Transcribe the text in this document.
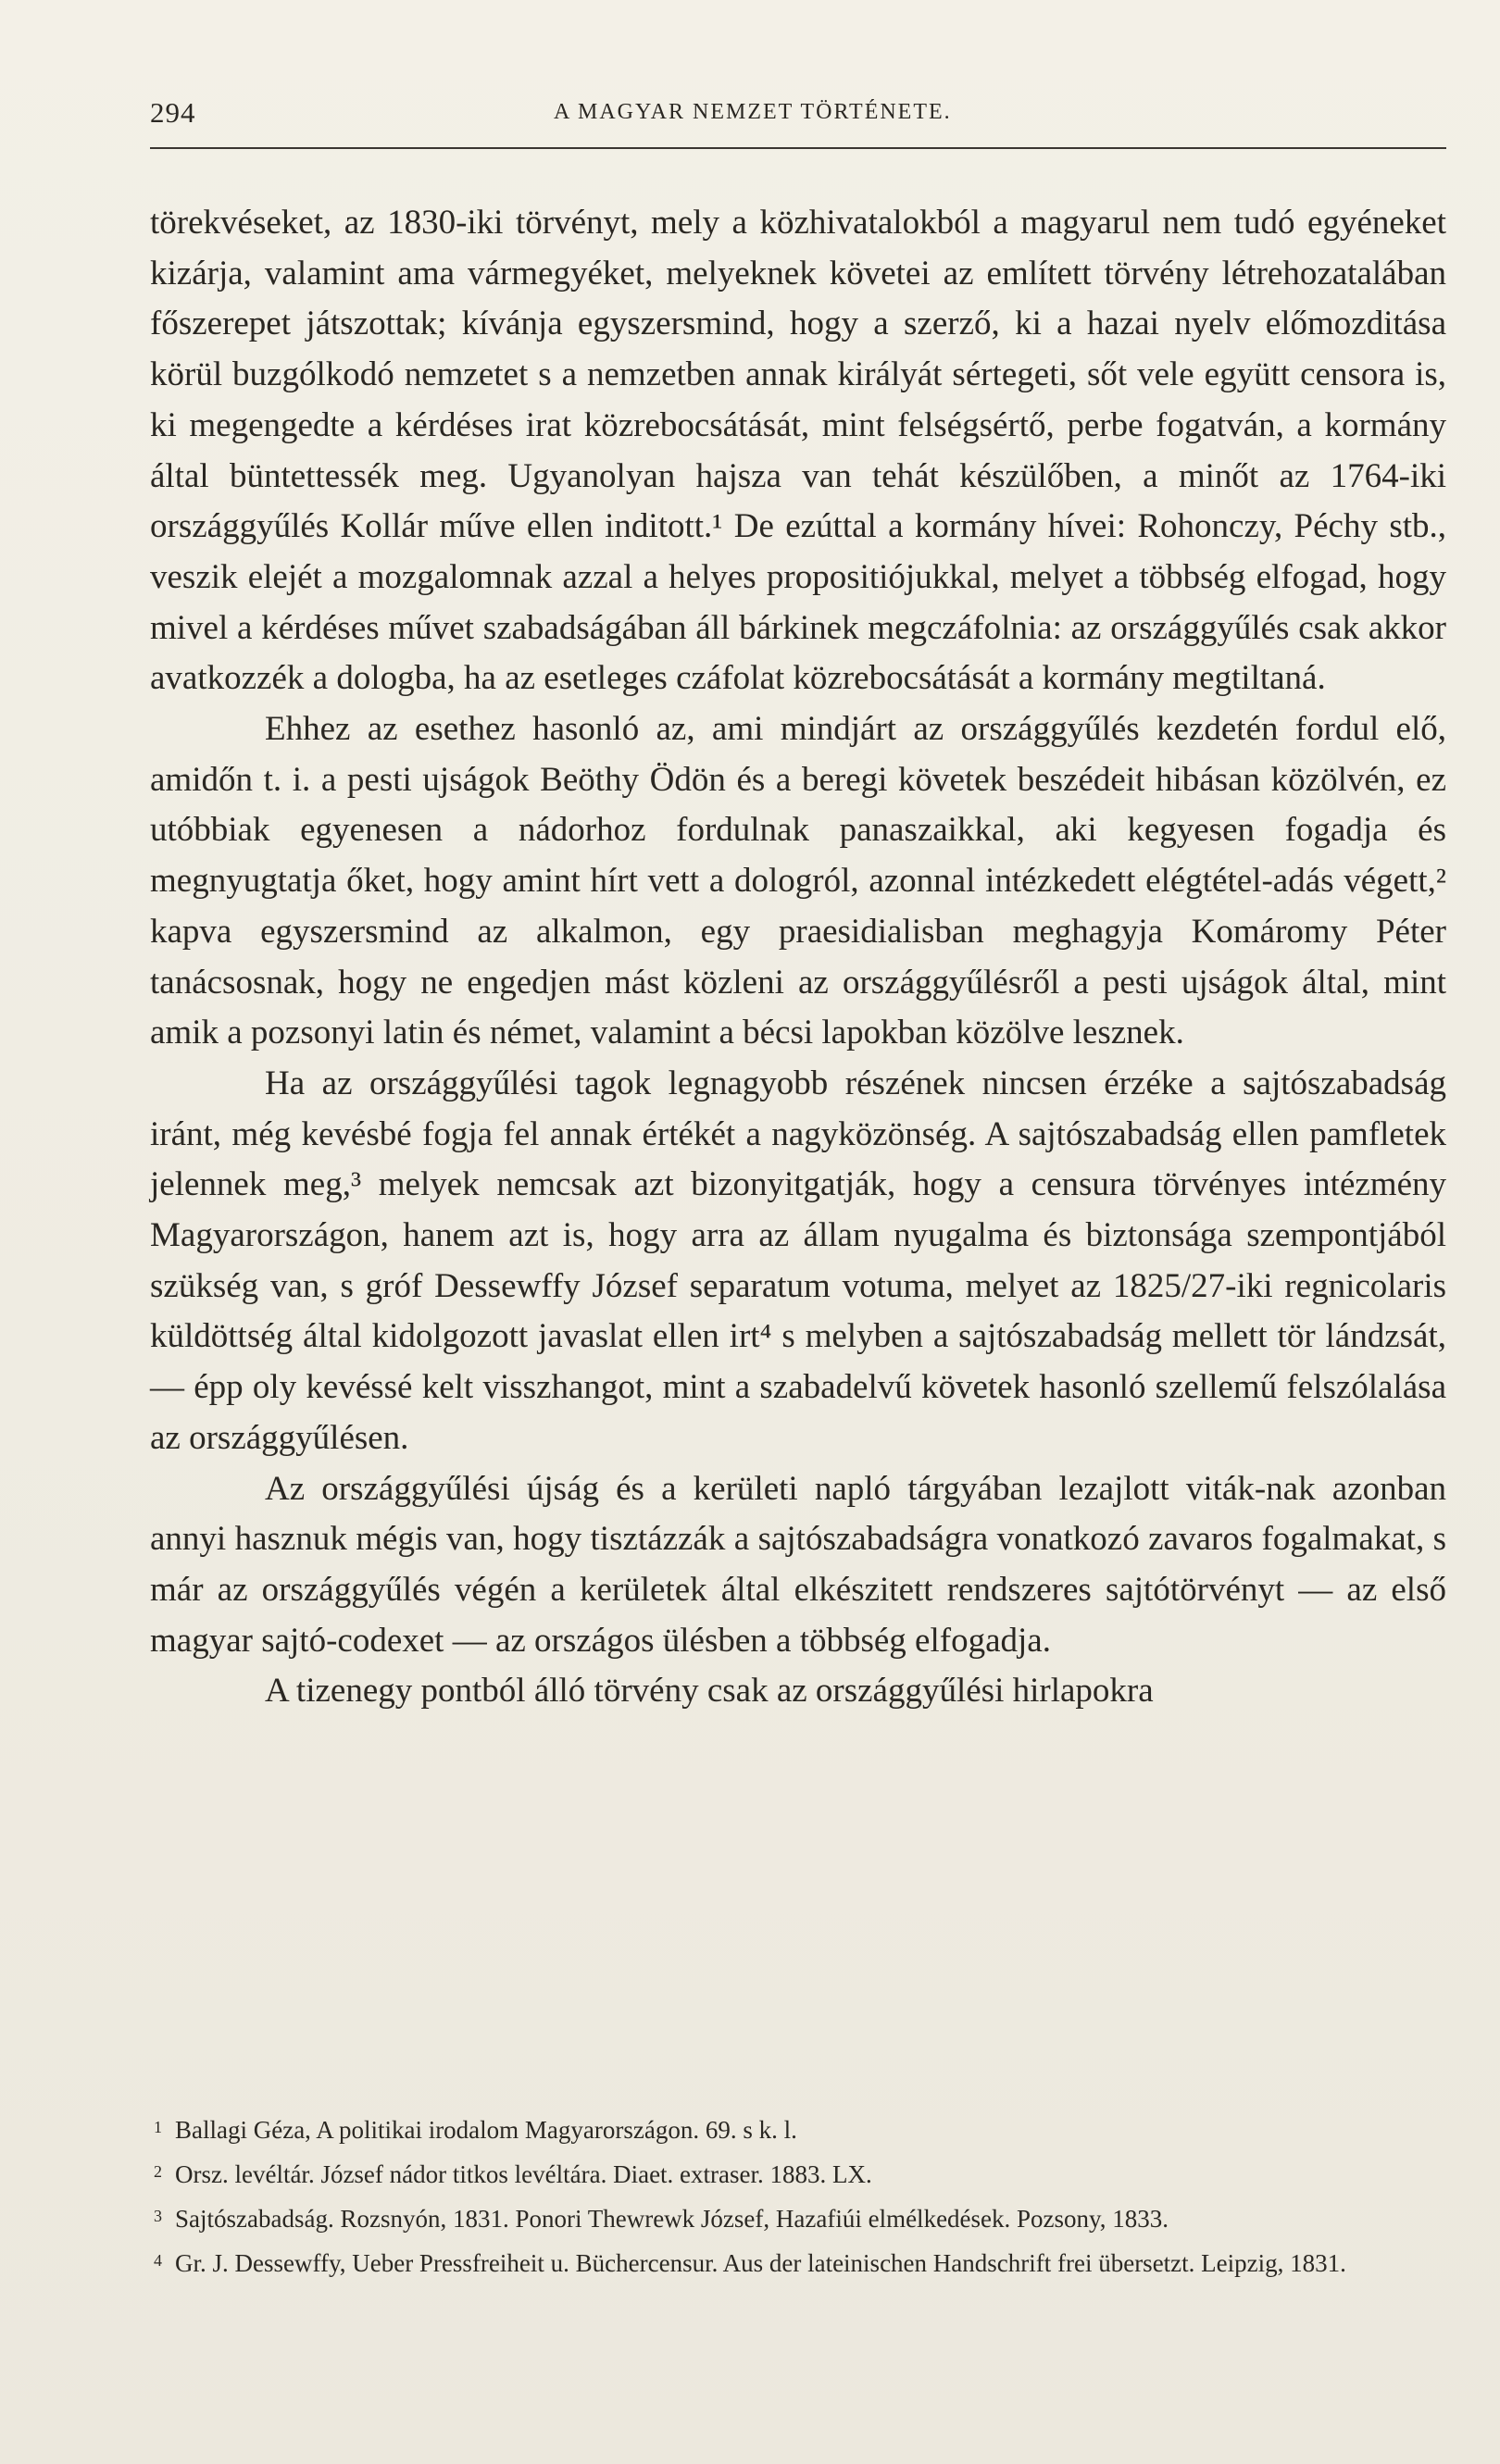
294	A MAGYAR NEMZET TÖRTÉNETE.

törekvéseket, az 1830-iki törvényt, mely a közhivatalokból a magyarul nem tudó egyéneket kizárja, valamint ama vármegyéket, melyeknek követei az említett törvény létrehozatalában főszerepet játszottak; kívánja egyszersmind, hogy a szerző, ki a hazai nyelv előmozditása körül buzgólkodó nemzetet s a nemzetben annak királyát sértegeti, sőt vele együtt censora is, ki megengedte a kérdéses irat közrebocsátását, mint felségsértő, perbe fogatván, a kormány által büntettessék meg. Ugyanolyan hajsza van tehát készülőben, a minőt az 1764-iki országgyűlés Kollár műve ellen inditott.¹ De ezúttal a kormány hívei: Rohonczy, Péchy stb., veszik elejét a mozgalomnak azzal a helyes propositiójukkal, melyet a többség elfogad, hogy mivel a kérdéses művet szabadságában áll bárkinek megczáfolnia: az országgyűlés csak akkor avatkozzék a dologba, ha az esetleges czáfolat közrebocsátását a kormány megtiltaná.

Ehhez az esethez hasonló az, ami mindjárt az országgyűlés kezdetén fordul elő, amidőn t. i. a pesti ujságok Beöthy Ödön és a beregi követek beszédeit hibásan közölvén, ez utóbbiak egyenesen a nádorhoz fordulnak panaszaikkal, aki kegyesen fogadja és megnyugtatja őket, hogy amint hírt vett a dologról, azonnal intézkedett elégtétel-adás végett,² kapva egyszersmind az alkalmon, egy praesidialisban meghagyja Komáromy Péter tanácsosnak, hogy ne engedjen mást közleni az országgyűlésről a pesti ujságok által, mint amik a pozsonyi latin és német, valamint a bécsi lapokban közölve lesznek.

Ha az országgyűlési tagok legnagyobb részének nincsen érzéke a sajtószabadság iránt, még kevésbé fogja fel annak értékét a nagyközönség. A sajtószabadság ellen pamfletek jelennek meg,³ melyek nemcsak azt bizonyitgatják, hogy a censura törvényes intézmény Magyarországon, hanem azt is, hogy arra az állam nyugalma és biztonsága szempontjából szükség van, s gróf Dessewffy József separatum votuma, melyet az 1825/27-iki regnicolaris küldöttség által kidolgozott javaslat ellen irt⁴ s melyben a sajtószabadság mellett tör lándzsát, — épp oly kevéssé kelt visszhangot, mint a szabadelvű követek hasonló szellemű felszólalása az országgyűlésen.

Az országgyűlési újság és a kerületi napló tárgyában lezajlott viták-nak azonban annyi hasznuk mégis van, hogy tisztázzák a sajtószabadságra vonatkozó zavaros fogalmakat, s már az országgyűlés végén a kerületek által elkészitett rendszeres sajtótörvényt — az első magyar sajtó-codexet — az országos ülésben a többség elfogadja.

A tizenegy pontból álló törvény csak az országgyűlési hirlapokra

$^1$ Ballagi Géza, A politikai irodalom Magyarországon. 69. s k. l.

$^2$ Orsz. levéltár. József nádor titkos levéltára. Diaet. extraser. 1883. LX.

$^3$ Sajtószabadság. Rozsnyón, 1831. Ponori Thewrewk József, Hazafiúi elmélkedések. Pozsony, 1833.

$^4$ Gr. J. Dessewffy, Ueber Pressfreiheit u. Büchercensur. Aus der lateinischen Handschrift frei übersetzt. Leipzig, 1831.
